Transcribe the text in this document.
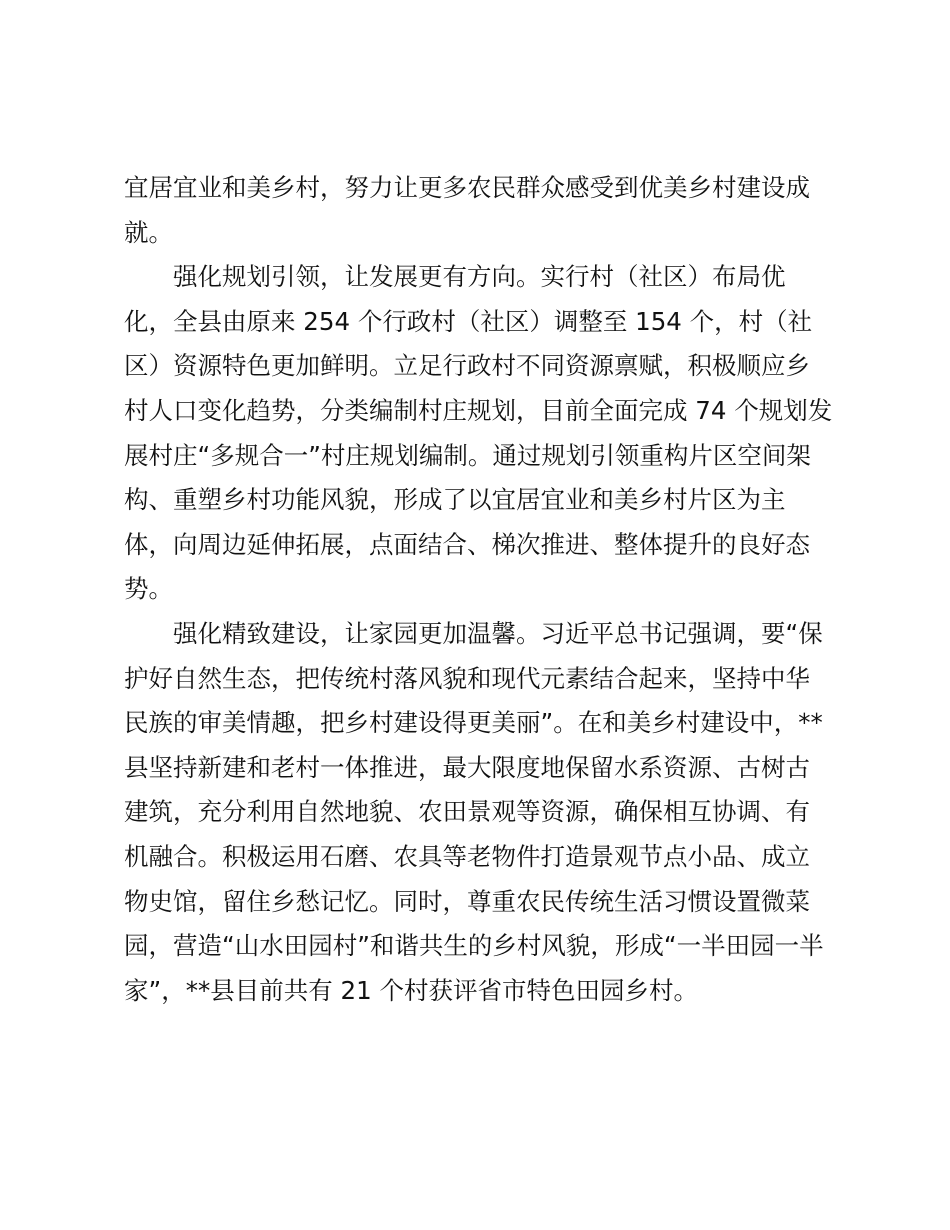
宜居宜业和美乡村，努力让更多农民群众感受到优美乡村建设成
就。

强化规划引领，让发展更有方向。实行村（社区）布局优
化，全县由原来 254 个行政村（社区）调整至 154 个，村（社
区）资源特色更加鲜明。立足行政村不同资源禀赋，积极顺应乡
村人口变化趋势，分类编制村庄规划，目前全面完成 74 个规划发
展村庄“多规合一”村庄规划编制。通过规划引领重构片区空间架
构、重塑乡村功能风貌，形成了以宜居宜业和美乡村片区为主
体，向周边延伸拓展，点面结合、梯次推进、整体提升的良好态
势。

强化精致建设，让家园更加温馨。习近平总书记强调，要“保
护好自然生态，把传统村落风貌和现代元素结合起来，坚持中华
民族的审美情趣，把乡村建设得更美丽”。在和美乡村建设中，**
县坚持新建和老村一体推进，最大限度地保留水系资源、古树古
建筑，充分利用自然地貌、农田景观等资源，确保相互协调、有
机融合。积极运用石磨、农具等老物件打造景观节点小品、成立
物史馆，留住乡愁记忆。同时，尊重农民传统生活习惯设置微菜
园，营造“山水田园村”和谐共生的乡村风貌，形成“一半田园一半
家”，**县目前共有 21 个村获评省市特色田园乡村。
